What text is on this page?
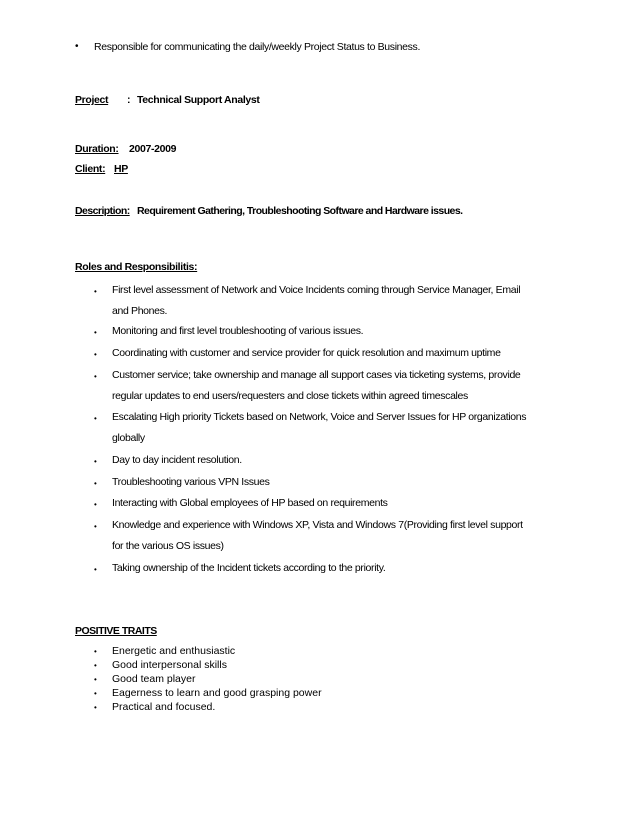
• Responsible for communicating the daily/weekly Project Status to Business.
Project : Technical Support Analyst
Duration: 2007-2009
Client: HP
Description: Requirement Gathering, Troubleshooting Software and Hardware issues.
Roles and Responsibilitis:
• First level assessment of Network and Voice Incidents coming through Service Manager, Email
and Phones.
• Monitoring and first level troubleshooting of various issues.
• Coordinating with customer and service provider for quick resolution and maximum uptime
• Customer service; take ownership and manage all support cases via ticketing systems, provide
regular updates to end users/requesters and close tickets within agreed timescales
• Escalating High priority Tickets based on Network, Voice and Server Issues for HP organizations
globally
• Day to day incident resolution.
• Troubleshooting various VPN Issues
• Interacting with Global employees of HP based on requirements
• Knowledge and experience with Windows XP, Vista and Windows 7(Providing first level support
for the various OS issues)
• Taking ownership of the Incident tickets according to the priority.
POSITIVE TRAITS
• Energetic and enthusiastic
• Good interpersonal skills
• Good team player
• Eagerness to learn and good grasping power
• Practical and focused.
